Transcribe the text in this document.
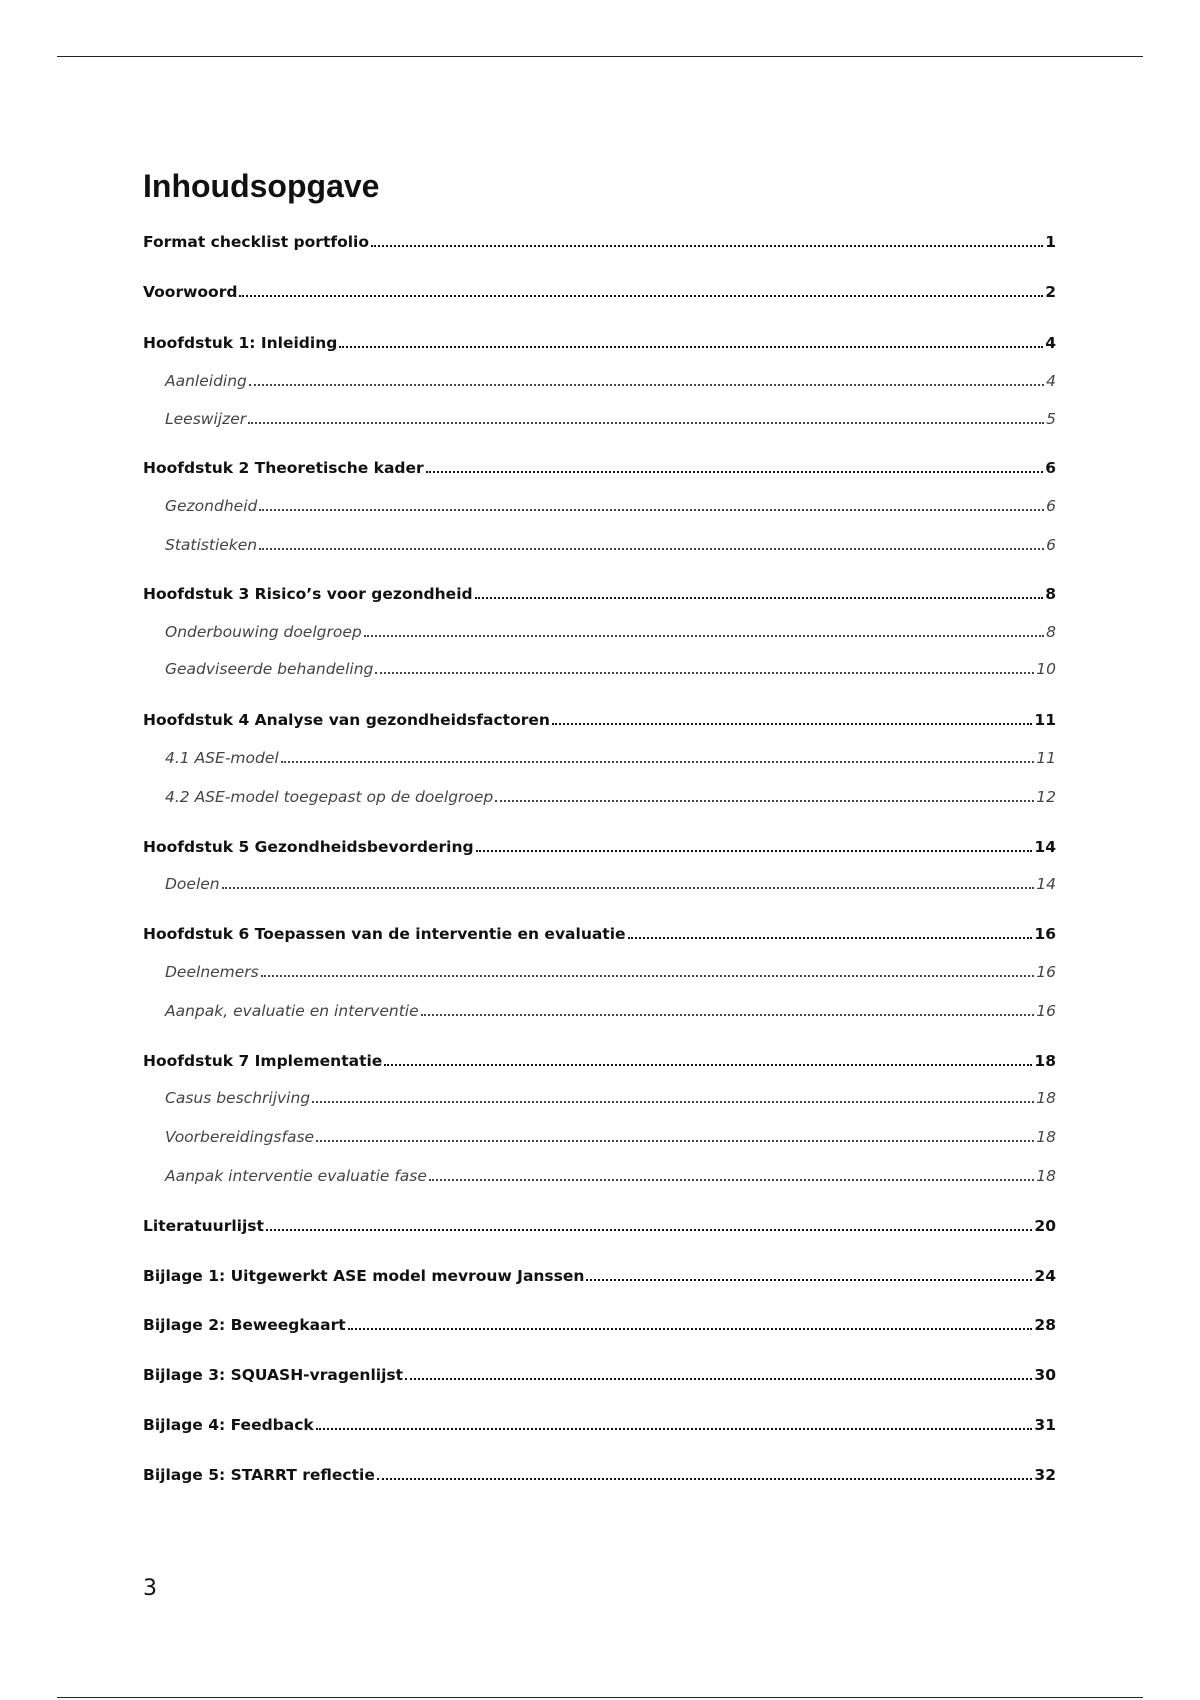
Inhoudsopgave
Format checklist portfolio	1
Voorwoord	2
Hoofdstuk 1: Inleiding	4
Aanleiding	4
Leeswijzer	5
Hoofdstuk 2 Theoretische kader	6
Gezondheid	6
Statistieken	6
Hoofdstuk 3 Risico’s voor gezondheid	8
Onderbouwing doelgroep	8
Geadviseerde behandeling	10
Hoofdstuk 4 Analyse van gezondheidsfactoren	11
4.1 ASE-model	11
4.2 ASE-model toegepast op de doelgroep	12
Hoofdstuk 5 Gezondheidsbevordering	14
Doelen	14
Hoofdstuk 6 Toepassen van de interventie en evaluatie	16
Deelnemers	16
Aanpak, evaluatie en interventie	16
Hoofdstuk 7 Implementatie	18
Casus beschrijving	18
Voorbereidingsfase	18
Aanpak interventie evaluatie fase	18
Literatuurlijst	20
Bijlage 1: Uitgewerkt ASE model mevrouw Janssen	24
Bijlage 2: Beweegkaart	28
Bijlage 3: SQUASH-vragenlijst	30
Bijlage 4: Feedback	31
Bijlage 5: STARRT reflectie	32
3
